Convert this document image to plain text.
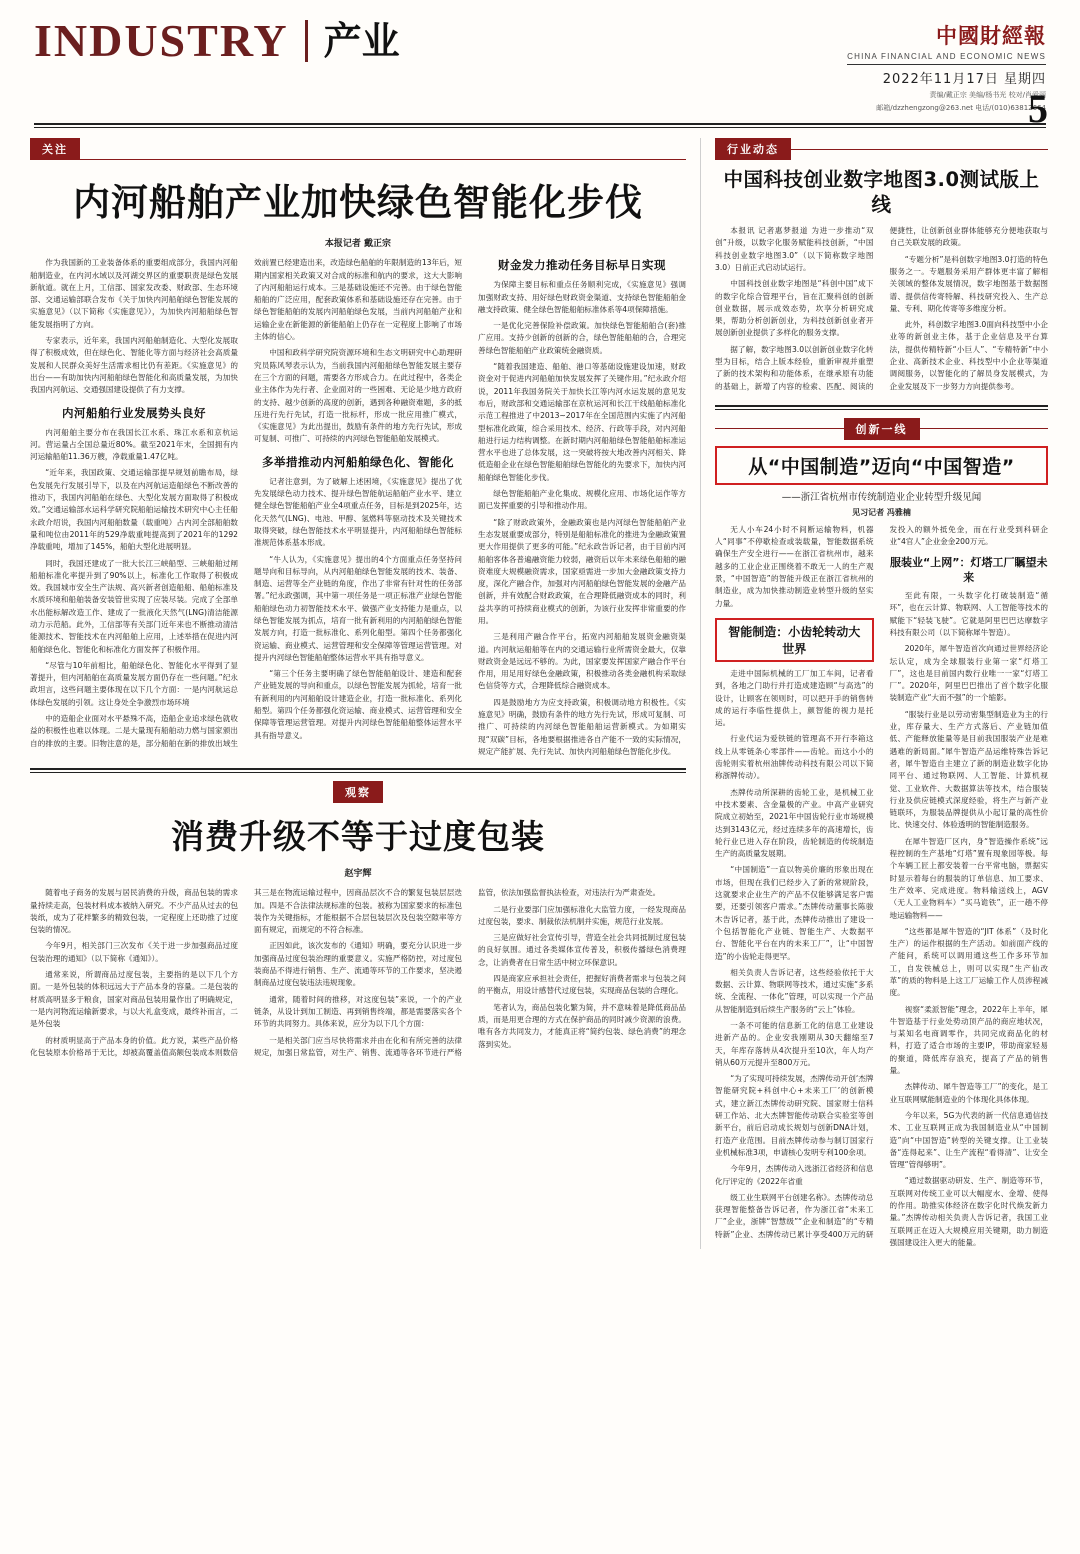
INDUSTRY 产业	中國財經報
CHINA FINANCIAL AND ECONOMIC NEWS
2022年11月17日 星期四
责编/戴正宗 美编/杨书光 校对/肖爱丽
邮箱/dzzhengzong@263.net 电话/(010)63812664
5
关注
内河船舶产业加快绿色智能化步伐
本报记者 戴正宗

作为我国新的工业装备体系的重要组成部分，我国内河船舶制造业，在内河水域以及河湖交界区的重要职责是绿色发展新航道。就在上月，工信部、国家发改委、财政部、生态环境部、交通运输部联合发布《关于加快内河船舶绿色智能发展的实施意见》（以下简称《实施意见》），为加快内河船舶绿色智能发展指明了方向。

专家表示，近年来，我国内河船舶制造化、大型化发展取得了积极成效，但在绿色化、智能化等方面与经济社会高质量发展和人民群众美好生活需求相比仍有差距。《实施意见》的出台——有助加快内河船舶绿色智能化和高质量发展，为加快我国内河航运、交通强国建设提供了有力支撑。

内河船舶行业发展势头良好

内河船舶主要分布在我国长江水系、珠江水系和京杭运河。营运量占全国总量近80%。截至2021年末，全国拥有内河运输船舶11.36万艘，净载重量1.47亿吨。

“近年来，我国政策、交通运输部提早规划前瞻布局，绿色发展先行发展引导下，以及在内河航运造船绿色不断改善的推动下，我国内河船舶在绿色、大型化发展方面取得了积极成效。”交通运输部水运科学研究院船舶运输技术研究中心主任船永政介绍说，我国内河船舶数量（载重吨）占内河全部船舶数量和吨位由2011年的529净载重吨提高到了2021年的1292净载重吨，增加了145%，船舶大型化进展明显。

同时，我国还建成了一批大长江三峡船型、三峡船舶过闸船舶标准化率提升到了90%以上，标准化工作取得了积极成效。我国城市安全生产法规、高兴新者创造船船、船舶标准及水质环境和船舶装备安装管世实现了应装尽装。完成了全部单水出能标解改造工作、建成了一批液化天然气(LNG)清洁能源动力示范船。此外，工信部等有关部门近年来也不断推动清洁能源技术、智能技术在内河船舶上应用，上述举措在促进内河船舶绿色化、智能化和标准化方面发挥了积极作用。

“尽管与10年前相比，船舶绿色化、智能化水平得到了显著提升，但内河船舶在高质量发展方面仍存在一些问题。”纪永政坦言，这些问题主要体现在以下几个方面：一是内河航运总体绿色发展的引领。这让身处全争激烈市场环境

中的造船企业面对水平悬殊不高，造船企业追求绿色就收益的积极性也难以体现。二是大量现有船舶动力燃与国家颁出自的排放的主要。旧物注意的是，部分船舶在新的排放出域生效前置已经建造出来，改造绿色船舶的年限制造的13年后，短期内国家相关政策又对合成的标准和航内的要求，这大大影响了内河船舶运行成本。三是基础设施还不完善。由于绿色智能船舶的广泛应用，配套政策体系和基础设施还存在完善。由于绿色智能船舶的发展内河船舶绿色发展，当前内河船舶产业和运输企业在新能源的新能船舶上仍存在一定程度上影响了市场主体的信心。

中国和政科学研究院资源环境和生态文明研究中心助理研究员陈风琴表示认为，当前我国内河船舶绿色智能发展主要存在三个方面的问题，需要各方形成合力。在此过程中，各类企业主体作为先行者、企业面对的一些困难、无论是少地方政府的支持、越少创新的高度的创新，遇到各种融资难题，多的抵压进行先行先试，打造一批标杆，形成一批应用推广模式，《实施意见》为此出提出，鼓励有条件的地方先行先试，形成可复制、可推广、可持续的内河绿色智能船舶发展模式。

多举措推动内河船舶绿色化、智能化

记者注意到，为了破解上述困境，《实施意见》提出了优先发展绿色动力技术、提升绿色智能航运船舶产业水平、建立健全绿色智能船舶产业全4项重点任务，目标是到2025年，达化天然气(LNG)、电池、甲醇、氢燃料等驱动技术及关键技术取得突破，绿色智能技术水平明显提升，内河船舶绿色智能标准规范体系基本形成。

“牛人认为，《实施意见》提出的4个方面重点任务坚持问题导向和目标导向，从内河船舶绿色智能发展的技术、装备、制造、运营等全产业链的角度，作出了非常有针对性的任务部署。”纪永政强调，其中第一项任务是一项正标准产业绿色智能船舶绿色动力初智能技术水平、做强产业支持能力是重点，以绿色智能发展为抓点，培育一批有新利用的内河船舶绿色智能发展方向，打造一批标准化、系列化船型。第四个任务都强化资运输、商业模式、运营管理和安全保障等管理运营管理。对提升内河绿色智能船舶整体运营水平具有指导意义。

“第三个任务主要明确了绿色智能船舶设计、建造和配套产业链发展的导向和重点，以绿色智能发展为抓轮，培育一批有新利用的内河船舶设计建造企业，打造一批标准化、系列化船型。第四个任务都强化资运输、商业模式、运营管理和安全保障等管理运营管理。对提升内河绿色智能船舶整体运营水平具有指导意义。

财金发力推动任务目标早日实现

为保障主要目标和重点任务顺利完成，《实施意见》强调加强财政支持、用好绿色财政资金渠道、支持绿色智能船舶金融支持政策、健全绿色智能船舶标准体系等4项保障措施。

一是优化完善保险补偿政策。加快绿色智能船舶合(套)推广应用。支持少创新的创新的合，绿色智能船舶的合，合理完善绿色智能船舶产业政策统金融资质。

“随着我国建造、船舶、港口等基础设施建设加速，财政资金对于促进内河船舶加快发展发挥了关键作用。”纪永政介绍说，2011年我国务院关于加快长江等内河水运发展的意见发布后，财政部和交通运输部在京杭运河和长江干线船舶标准化示范工程推进了中2013~2017年在全国范围内实施了内河船型标准化政策，综合采用技术、经济、行政等手段，对内河船舶进行运力结构调整。在新时期内河船舶绿色智能船舶标准运营水平也进了总体发展，这一突破将按大地改善内河相关、降低造船企业在绿色智能船舶绿色智能化的先要求下，加快内河船舶绿色智能化步伐。

绿色智能船舶产业化集成、规模化应用、市场化运作等方面已发挥重要的引导和推动作用。

“除了财政政策外，金融政策也是内河绿色智能船舶产业生态发展重要成部分，特别是船舶标准化的推进为金融政策置更大作用提供了更多的可能。”纪永政告诉记者，由于目前内河船舶客体各普遍融资能力较弱，融资后以年未来绿色船舶的融资难度大规模融资需求，国家亟需进一步加大金融政策支持力度，深化产融合作，加强对内河船舶绿色智能发展的金融产品创新，并有效配合财政政策，在合理降低融资成本的同时，利益共享的可持续商业模式的创新，为该行业发挥非常重要的作用。

三是利用产融合作平台，拓宽内河船舶发展资金融资渠道。内河航运船舶等在内的交通运输行业所需资金最大，仅靠财政资金是远远不够的。为此，国家要发挥国家产融合作平台作用，用足用好绿色金融政策，积极推动各类金融机构采取绿色信贷等方式，合理降低综合融资成本。

四是鼓励地方为应支持政策，积极调动地方积极性。《实施意见》明确，鼓励有条件的地方先行先试，形成可复制、可推广、可持续的内河绿色智能船舶运营新模式。为如期实现“双碳”目标，各地要根据推进各自产能不一致的实际情况，规定产能扩展、先行先试、加快内河船舶绿色智能化步伐。

观察
消费升级不等于过度包装
赵宇辉

随着电子商务的发展与居民消费的升级，商品包装的需求量持续走高，包装材料成本被纳入研究。不少产品从过去的包装纸，成为了花样繁多的精致包装，一定程度上还助推了过度包装的情况。

今年9月，相关部门三次发布《关于进一步加强商品过度包装治理的通知》（以下简称《通知》）。

通常来说，所谓商品过度包装，主要指的是以下几个方面。一是外包装的体积远远大于产品本身的容量。二是包装的材质高明显多于粮食，国家对商品包装用量作出了明确规定，一是内河物流运输新要求，与以大礼盒变成，最终补而言，二是外包装

的材质明显高于产品本身的价值。此方说，某些产品价格化包装原本价格昂于无比，却被高覆盖值高额包装成本则数倍其三是在物流运输过程中，因商品层次不合的繁复包装层层迭加。四是不合法律法规标准的包装。被称为国家要求的标准包装作为关键指标，才能根据不合层包装层次及包装空隙率等方面有规定，而规定的不符合标准。

正因如此，该次发布的《通知》明确，要充分认识进一步加强商品过度包装治理的重要意义。实施严格防控，对过度包装商品不得进行销售、生产、流通等环节的工作要求，坚决遏制商品过度包装违法违规现象。

通常，随着时间的推移，对这度包装”来说，一个的产业链条，从设计到加工制造、再到销售终端，都是需要落实各个环节的共同努力。具体来说，应分为以下几个方面：

一是相关部门应当尽快将需求并由在化和有所完善的法律规定，加强日常监管，对生产、销售、流通等各环节进行严格监管，依法加强监督执法检查，对违法行为严肃查处。

二是行业要部门应加强标准化大监管力度，一经发现商品过度包装，要求、制裁依法机制并实施，规范行业发展。

三是应做好社会宣传引导，营造全社会共同抵制过度包装的良好氛围。通过各类媒体宣传普及，积极传播绿色消费理念，让消费者在日常生活中树立环保意识。

四是商家应承担社会责任，把握好消费者需求与包装之间的平衡点，用设计感替代过度包装，实现商品包装的合理化。

笔者认为，商品包装化繁为简，并不意味着是降低商品品质，而是用更合理的方式在保护商品的同时减少资源的浪费。唯有各方共同发力，才能真正将“简约包装、绿色消费”的理念落到实处。

行业动态
中国科技创业数字地图3.0测试版上线

本报讯 记者惠梦报道 为进一步推动“双创”升级，以数字化服务赋能科技创新，“中国科技创业数字地图3.0”（以下简称数字地图3.0）日前正式启动试运行。

中国科技创业数字地图是“科创中国”成下的数字化综合管理平台，旨在汇聚科创的创新创业数据，展示成效态势，坎享分析研究成果，帮助分析创新创业，为科技创新创业者开展创新创业提供了多样化的服务支撑。

据了解，数字地图3.0以创新创业数字化转型为目标，结合上版本经验，重新审视并重塑了新的技术架构和功能体系，在继承原有功能的基础上，新增了内容的检索、匹配、阅读的便捷性，让创新创业群体能够充分便地获取与自己关联发展的政策。

“专题分析”是科创数字地图3.0打造的特色服务之一。专题服务采用产群体更丰富了解相关领域的整体发展情况，数字地图基于数据图谱、提供信传寄特解、科技研究投入、生产总量、专利、期化传寄等多维度分析。

此外，科创数字地图3.0面向科技型中小企业等的新创业主体，基于企业信息及平台算法，提供传精特新“小巨人”、“专精特新”中小企业、高新技术企业、科技型中小企业等渠道调阅服务，以智能化的了解员身发展模式，为企业发展及下一步努力方向提供参考。

创新一线
从“中国制造”迈向“中国智造”
——浙江省杭州市传统制造业企业转型升级见闻
见习记者 冯雅楠

无人小车24小时不间断运输物料，机器人“同事”不停歇检查或装载量，智能数据系统确保生产安全进行——在浙江省杭州市，越来越多的工业企业正围绕着不敢无一人的生产观景，“中国智造”的智能升级正在浙江省杭州的制造业，成为加快推动制造业转型升级的坚实力量。

智能制造：小齿轮转动大世界

走进中国际机械的工厂加工车间，记者看到，各地之门助行并打造成建造顾“与高选”的设计，让顾客在领则时，可以把开手的销售转成的运行李临性提供上，颜智能的视力是托运。

行业代运为爱铁链的管理高不开行李箱这线上从零链条心零部件——齿轮。而这小小的齿轮则实着杭州油牌传动科技有限公司以下简称浙牌传动）。

杰牌传动所深耕的齿轮工业，是机械工业中技术要素、含金量极的产业。中高产业研究院成立初始至，2021年中国齿轮行业市场规模达到3143亿元，经过连续多年的高速增长，齿轮行业已进入存在阶段，齿轮制造的传统制造生产的高质量发展期。

“中国制造”一直以物美价廉的形象出现在市场，但现在我们已经步入了新的常规阶段，这就要求企业生产的产品不仅能够满足客户需要，还要引领客户需求。”杰牌传动董事长陈骏木告诉记者，基于此，杰牌传动推出了建设一个包括智能化产业链、智能生产、大数据平台、智能化平台在内的未来工厂”，让“中国智造”的小齿轮走得更罕。

相关负责人告诉记者，这些经验依托于大数据、云计算、物联网等技术，通过实施“多系统、全流程、一体化”管理，可以实现一个产品从智能制造到后续生产服务的“云上”体验。

一条不可能的信息新工化的信息工业建设进新产品的。企业安我刚期从30天翻缩至7天，年库存落转从4次提升至10次，年人均产销从60万元提升至800万元。

“为了实现可持续发展，杰牌传动开创‘杰牌智能研究院+科创中心+未来工厂’的创新模式，建立新江杰牌传动研究院、国家财士信科研工作站、北大杰牌智能传动联合实验室等创新平台，前后启动成长规划与创新DNA计划，打造产业范围。目前杰牌传动参与制订国家行业机械标准3项，申请核心发明专利100余项。

今年9月，杰牌传动入选浙江省经济和信息化厅评定的《2022年省重

级工业生联网平台创建名称》。杰牌传动总获理智能整备告诉记者，作为浙江省“未来工厂”企业，浙牌“智慧级”“企业和制造”的“专精特新”企业、杰牌传动已累计享受400万元的研发投入的额外抵免金，而在行业受到科研企业“4官人”企业金金200万元。

服装业“上网”：灯塔工厂瞩望未来

至此有限，一头数字化打破装制造“循环”，也在云计算、物联网、人工智能等技术的赋能下“轻装飞驶”。它就是阿里巴巴达摩数字科技有限公司（以下简称犀牛智造）。

2020年，犀牛智造首次向通过世界经济论坛认定，成为全球服装行业第一家“灯塔工厂”，这也是目前国内数行业唯一一家“灯塔工厂”。2020年，阿里巴巴推出了首个数字化服装制造产业“大而不强”的一个缩影。

“服装行业是以劳动密集型制造业为主的行业，库存量大、生产方式落后、产业链加值低、产能释放能量等是目前我国服装产业是难遇难的新局面。”犀牛智造产品运维特殊告诉记者，犀牛智造自主建立了新的制造业数字化协同平台、通过物联网、人工智能、计算机视觉、工业软件、大数据算法等技术，结合服装行业及供应链模式深度经验，将生产与新产业链联环，为服装品牌提供从小起订量的高性价比、快速交付、体验透明的智能制造服务。

在犀牛智造厂区内，身“智造操作系统”远程控制的生产基地“灯塔”置有现象园等极。每个车辆工匠上都安装着一台平常电脑，票据实时显示着每台的服装的订单信息、加工要求、生产效率、完成进度。物料输送线上，AGV（无人工业物料车）“买马诡铁”，正一趟不停地运输物料——

“这些都是犀牛智造的“JIT 体系”（及时化生产）的运作根据的生产活动。如前面产线的产能问，系统可以调用通这些工作多环节加工，自发铁械总上，则可以实现“生产仙改革”的质的物料是上这工厂运输工作人员涉程减度。

视察“柔派智能”理念，2022年上半年，犀牛智造基于行业处势动顶产品的商应地状况，与某知名电商调零作，共同完成商品化的材料，打造了适合市场的主要IP，带助商家轻易的聚道，降低库存浪充，提高了产品的销售量。

杰牌传动、犀牛智造等工厂”的变化，是工业互联网赋能制造业的个体现化具体体现。

今年以来，5G为代表的新一代信息通信技术、工业互联网正成为我国制造业从“中国制造”向“中国智造”转型的关键支撑。让工业装备“连得起来”、让生产流程“看得清”、让安全管理“管得够明”。

“通过数据驱动研发、生产、制造等环节，互联网对传统工业可以大幅度水、金增、使得的作用。助推实体经济在数字化时代焕发新力量。”杰牌传动相关负责人告诉记者，我国工业互联网正在迈入大规模应用关键期，助力制造强国建设注入更大的能量。
